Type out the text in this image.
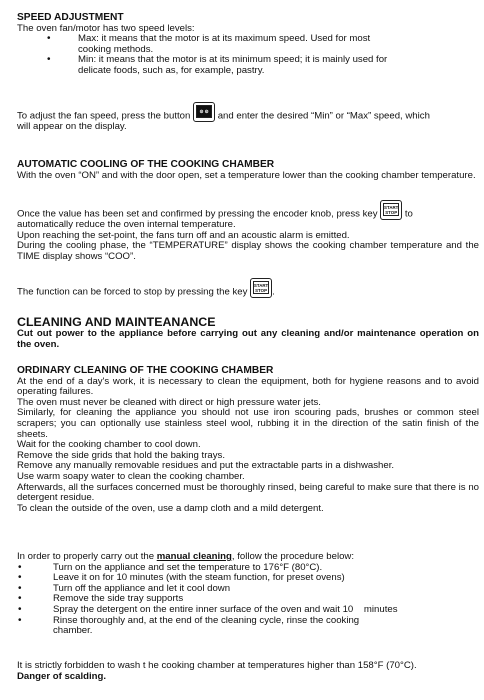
SPEED ADJUSTMENT

The oven fan/motor has two speed levels:

• Max: it means that the motor is at its maximum speed. Used for most
cooking methods.
• Min: it means that the motor is at its minimum speed; it is mainly used for
delicate foods, such as, for example, pastry.

To adjust the fan speed, press the button	⚙ ⚙ and enter the desired “Min” or “Max” speed, which
will appear on the display.

AUTOMATIC COOLING OF THE COOKING CHAMBER

With the oven “ON” and with the door open, set a temperature lower than the cooking chamber temperature.

Once the value has been set and confirmed by pressing the encoder knob, press key
START
STOP to
automatically reduce the oven internal temperature.

Upon reaching the set-point, the fans turn off and an acoustic alarm is emitted.

During the cooling phase, the “TEMPERATURE” display shows the cooking chamber temperature and the TIME display shows “COO”.

The function can be forced to stop by pressing the key
START
STOP .

CLEANING AND MAINTEANANCE

Cut out power to the appliance before carrying out any cleaning and/or maintenance operation on the oven.

ORDINARY CLEANING OF THE COOKING CHAMBER

At the end of a day's work, it is necessary to clean the equipment, both for hygiene reasons and to avoid operating failures.

The oven must never be cleaned with direct or high pressure water jets.

Similarly, for cleaning the appliance you should not use iron scouring pads, brushes or common steel scrapers; you can optionally use stainless steel wool, rubbing it in the direction of the satin finish of the sheets.

Wait for the cooking chamber to cool down.

Remove the side grids that hold the baking trays.

Remove any manually removable residues and put the extractable parts in a dishwasher.

Use warm soapy water to clean the cooking chamber.

Afterwards, all the surfaces concerned must be thoroughly rinsed, being careful to make sure that there is no detergent residue.

To clean the outside of the oven, use a damp cloth and a mild detergent.

In order to properly carry out the manual cleaning, follow the procedure below:

• Turn on the appliance and set the temperature to 176°F (80°C).
• Leave it on for 10 minutes (with the steam function, for preset ovens)
• Turn off the appliance and let it cool down
• Remove the side tray supports
• Spray the detergent on the entire inner surface of the oven and wait 10    minutes
• Rinse thoroughly and, at the end of the cleaning cycle, rinse the cooking
chamber.

It is strictly forbidden to wash t he cooking chamber at temperatures higher than 158°F (70°C).

Danger of scalding.
